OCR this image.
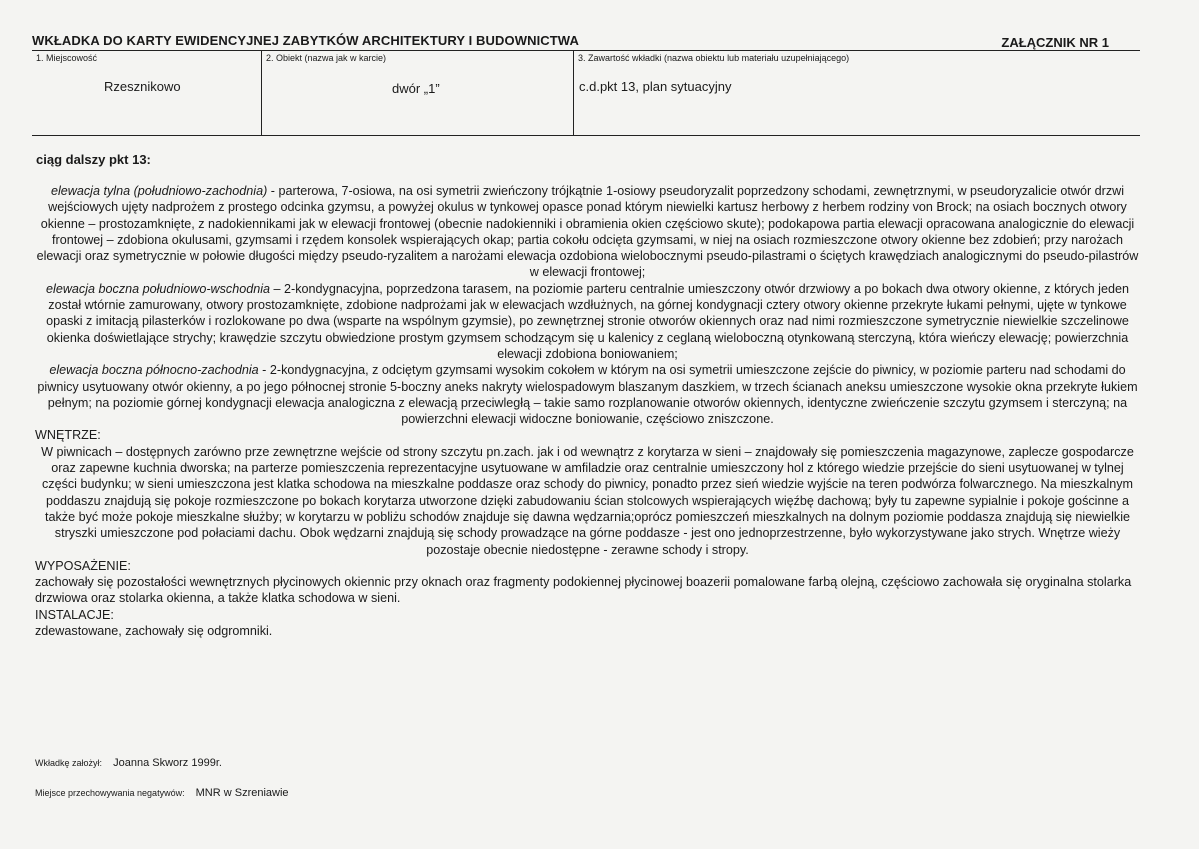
WKŁADKA DO KARTY EWIDENCYJNEJ ZABYTKÓW ARCHITEKTURY I BUDOWNICTWA	ZAŁĄCZNIK NR 1
1. Miejscowość
Rzesznikowo
2. Obiekt (nazwa jak w karcie)
dwór „1”
3. Zawartość wkładki (nazwa obiektu lub materiału uzupełniającego)
c.d.pkt 13, plan sytuacyjny
ciąg dalszy pkt 13:

elewacja tylna (południowo-zachodnia) - parterowa, 7-osiowa, na osi symetrii zwieńczony trójkątnie 1-osiowy pseudoryzalit poprzedzony schodami, zewnętrznymi, w pseudoryzalicie otwór drzwi wejściowych ujęty nadprożem z prostego odcinka gzymsu, a powyżej okulus w tynkowej opasce ponad którym niewielki kartusz herbowy z herbem rodziny von Brock; na osiach bocznych otwory okienne – prostozamknięte, z nadokiennikami jak w elewacji frontowej (obecnie nadokienniki i obramienia okien częściowo skute); podokapowa partia elewacji opracowana analogicznie do elewacji frontowej – zdobiona okulusami, gzymsami i rzędem konsolek wspierających okap; partia cokołu odcięta gzymsami, w niej na osiach rozmieszczone otwory okienne bez zdobień; przy narożach elewacji oraz symetrycznie w połowie długości między pseudo-ryzalitem a narożami elewacja ozdobiona wielobocznymi pseudo-pilastrami o ściętych krawędziach analogicznymi do pseudo-pilastrów w elewacji frontowej;

elewacja boczna południowo-wschodnia – 2-kondygnacyjna, poprzedzona tarasem, na poziomie parteru centralnie umieszczony otwór drzwiowy a po bokach dwa otwory okienne, z których jeden został wtórnie zamurowany, otwory prostozamknięte, zdobione nadprożami jak w elewacjach wzdłużnych, na górnej kondygnacji cztery otwory okienne przekryte łukami pełnymi, ujęte w tynkowe opaski z imitacją pilasterków i rozlokowane po dwa (wsparte na wspólnym gzymsie), po zewnętrznej stronie otworów okiennych oraz nad nimi rozmieszczone symetrycznie niewielkie szczelinowe okienka doświetlające strychy; krawędzie szczytu obwiedzione prostym gzymsem schodzącym się u kalenicy z ceglaną wieloboczną otynkowaną sterczyną, która wieńczy elewację; powierzchnia elewacji zdobiona boniowaniem;

elewacja boczna północno-zachodnia - 2-kondygnacyjna, z odciętym gzymsami wysokim cokołem w którym na osi symetrii umieszczone zejście do piwnicy, w poziomie parteru nad schodami do piwnicy usytuowany otwór okienny, a po jego północnej stronie 5-boczny aneks nakryty wielospadowym blaszanym daszkiem, w trzech ścianach aneksu umieszczone wysokie okna przekryte łukiem pełnym; na poziomie górnej kondygnacji elewacja analogiczna z elewacją przeciwległą – takie samo rozplanowanie otworów okiennych, identyczne zwieńczenie szczytu gzymsem i sterczyną; na powierzchni elewacji widoczne boniowanie, częściowo zniszczone.

WNĘTRZE:

W piwnicach – dostępnych zarówno prze zewnętrzne wejście od strony szczytu pn.zach. jak i od wewnątrz z korytarza w sieni – znajdowały się pomieszczenia magazynowe, zaplecze gospodarcze oraz zapewne kuchnia dworska; na parterze pomieszczenia reprezentacyjne usytuowane w amfiladzie oraz centralnie umieszczony hol z którego wiedzie przejście do sieni usytuowanej w tylnej części budynku; w sieni umieszczona jest klatka schodowa na mieszkalne poddasze oraz schody do piwnicy, ponadto przez sień wiedzie wyjście na teren podwórza folwarcznego. Na mieszkalnym poddaszu znajdują się pokoje rozmieszczone po bokach korytarza utworzone dzięki zabudowaniu ścian stolcowych wspierających więźbę dachową; były tu zapewne sypialnie i pokoje gościnne a także być może pokoje mieszkalne służby; w korytarzu w pobliżu schodów znajduje się dawna wędzarnia;oprócz pomieszczeń mieszkalnych na dolnym poziomie poddasza znajdują się niewielkie stryszki umieszczone pod połaciami dachu. Obok wędzarni znajdują się schody prowadzące na górne poddasze - jest ono jednoprzestrzenne, było wykorzystywane jako strych. Wnętrze wieży pozostaje obecnie niedostępne - zerawne schody i stropy.

WYPOSAŻENIE:

zachowały się pozostałości wewnętrznych płycinowych okiennic przy oknach oraz fragmenty podokiennej płycinowej boazerii pomalowane farbą olejną, częściowo zachowała się oryginalna stolarka drzwiowa oraz stolarka okienna, a także klatka schodowa w sieni.

INSTALACJE:

zdewastowane, zachowały się odgromniki.

Wkładkę założył: Joanna Skworz 1999r.
Miejsce przechowywania negatywów: MNR w Szreniawie
